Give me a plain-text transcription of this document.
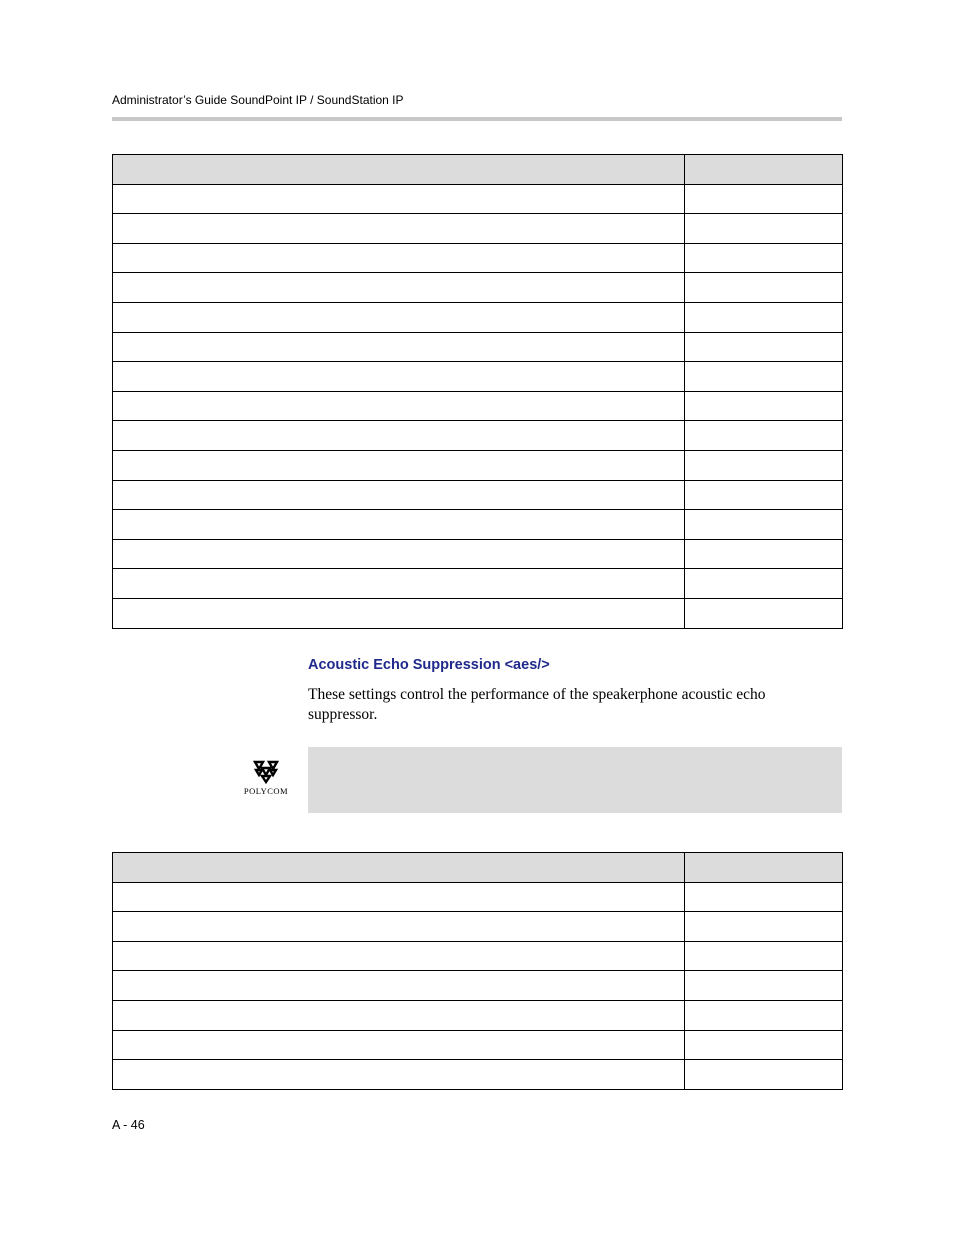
Administrator’s Guide SoundPoint IP / SoundStation IP

Acoustic Echo Suppression <aes/>
These settings control the performance of the speakerphone acoustic echo suppressor.
POLYCOM

A - 46
